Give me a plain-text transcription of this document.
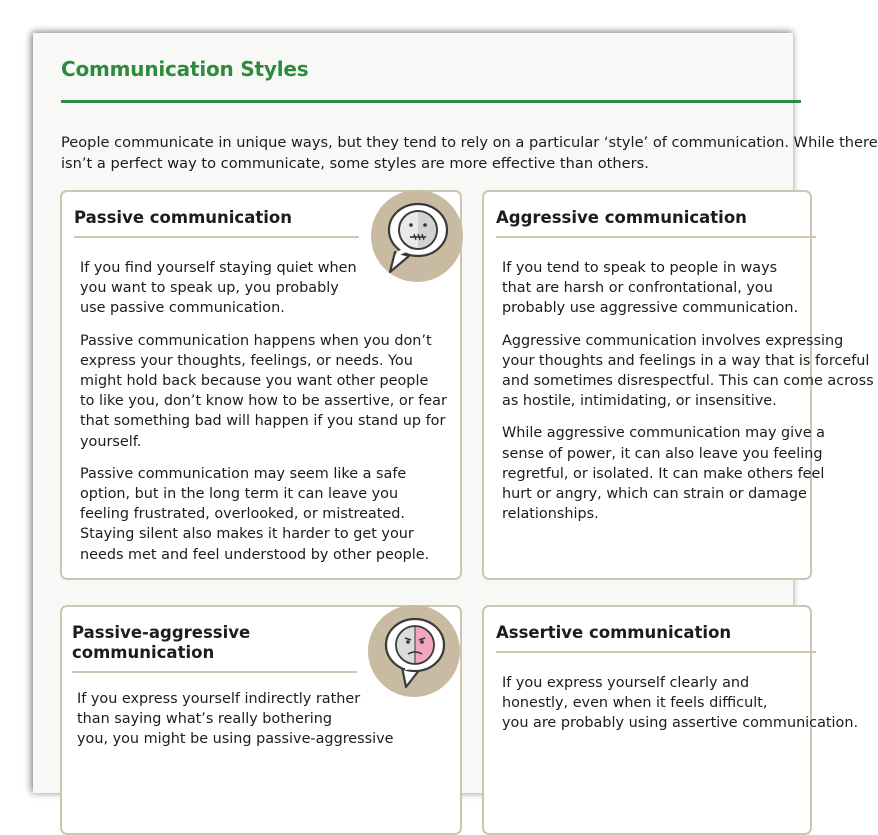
Communication Styles
People communicate in unique ways, but they tend to rely on a particular ‘style’ of communication. While there
isn’t a perfect way to communicate, some styles are more effective than others.
Passive communication

If you find yourself staying quiet when
you want to speak up, you probably
use passive communication.

Passive communication happens when you don’t
express your thoughts, feelings, or needs. You
might hold back because you want other people
to like you, don’t know how to be assertive, or fear
that something bad will happen if you stand up for
yourself.

Passive communication may seem like a safe
option, but in the long term it can leave you
feeling frustrated, overlooked, or mistreated.
Staying silent also makes it harder to get your
needs met and feel understood by other people.

Aggressive communication

If you tend to speak to people in ways
that are harsh or confrontational, you
probably use aggressive communication.

Aggressive communication involves expressing
your thoughts and feelings in a way that is forceful
and sometimes disrespectful. This can come across
as hostile, intimidating, or insensitive.

While aggressive communication may give a
sense of power, it can also leave you feeling
regretful, or isolated. It can make others feel
hurt or angry, which can strain or damage
relationships.

Passive-aggressive
communication

If you express yourself indirectly rather
than saying what’s really bothering
you, you might be using passive-aggressive

Assertive communication

If you express yourself clearly and
honestly, even when it feels difficult,
you are probably using assertive communication.
